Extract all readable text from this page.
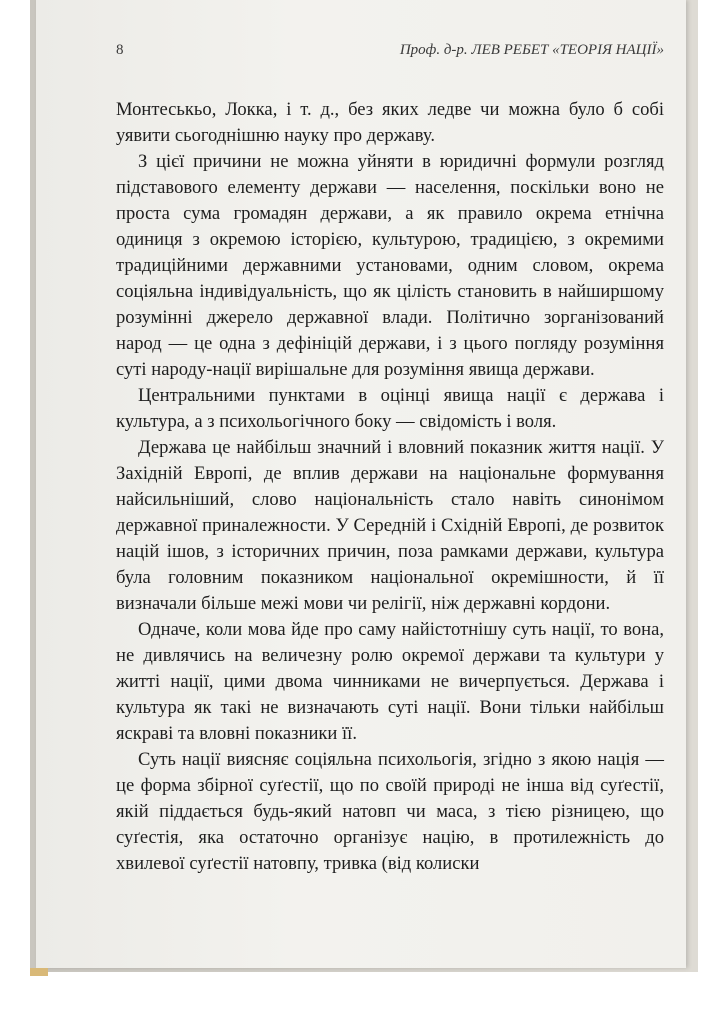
8	Проф. д-р. ЛЕВ РЕБЕТ «ТЕОРІЯ НАЦІЇ»

Монтеськьо, Локка, і т. д., без яких ледве чи можна було б собі уявити сьогоднішню науку про державу.

З цієї причини не можна уйняти в юридичні формули розгляд підставового елементу держави — населення, поскільки воно не проста сума громадян держави, а як правило окрема етнічна одиниця з окремою історією, культурою, традицією, з окремими традиційними державними установами, одним словом, окрема соціяльна індивідуальність, що як цілість становить в найширшому розумінні джерело державної влади. Політично зорганізований народ — це одна з дефініцій держави, і з цього погляду розуміння суті народу-нації вирішальне для розуміння явища держави.

Центральними пунктами в оцінці явища нації є держава і культура, а з психольогічного боку — свідомість і воля.

Держава це найбільш значний і вловний показник життя нації. У Західній Европі, де вплив держави на національне формування найсильніший, слово національність стало навіть синонімом державної приналежности. У Середній і Східній Европі, де розвиток націй ішов, з історичних причин, поза рамками держави, культура була головним показником національної окремішности, й її визначали більше межі мови чи релігії, ніж державні кордони.

Одначе, коли мова йде про саму найістотнішу суть нації, то вона, не дивлячись на величезну ролю окремої держави та культури у житті нації, цими двома чинниками не вичерпується. Держава і культура як такі не визначають суті нації. Вони тільки найбільш яскраві та вловні показники її.

Суть нації виясняє соціяльна психольогія, згідно з якою нація — це форма збірної суґестії, що по своїй природі не інша від суґестії, якій піддається будь-який натовп чи маса, з тією різницею, що суґестія, яка остаточно організує націю, в протилежність до хвилевої суґестії натовпу, тривка (від колиски
